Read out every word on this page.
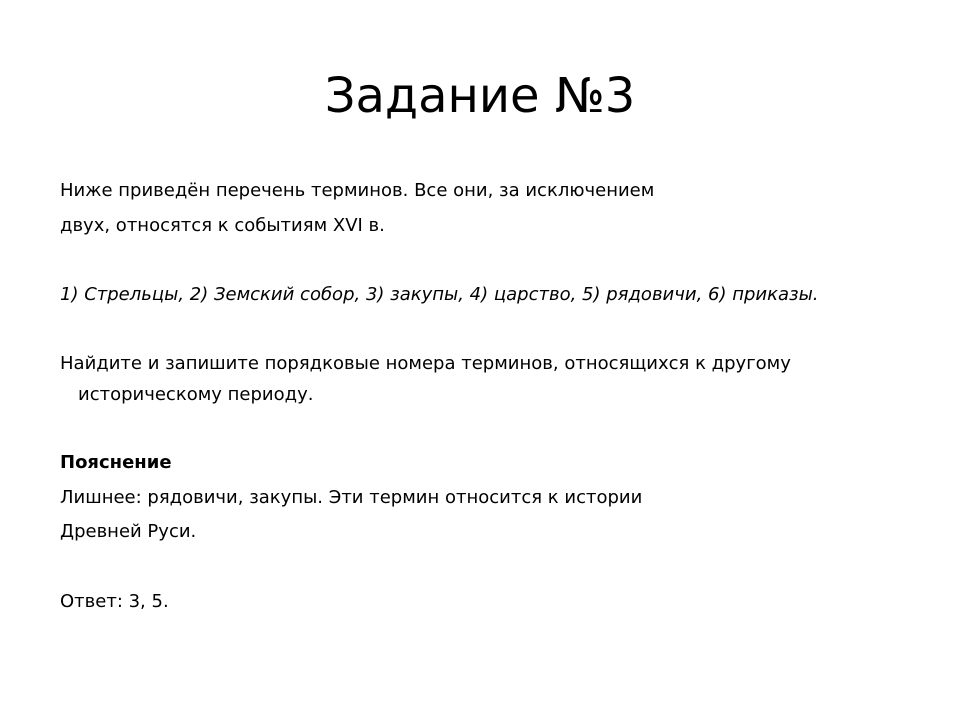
Задание №3
Ниже приведён перечень терминов. Все они, за исключением
двух, относятся к событиям XVI в.
1) Стрельцы, 2) Земский собор, 3) закупы, 4) царство, 5) рядовичи, 6) приказы.
Найдите и запишите порядковые номера терминов, относящихся к другому
историческому периоду.
Пояснение
Лишнее: рядовичи, закупы. Эти термин относится к истории
Древней Руси.
Ответ: 3, 5.
